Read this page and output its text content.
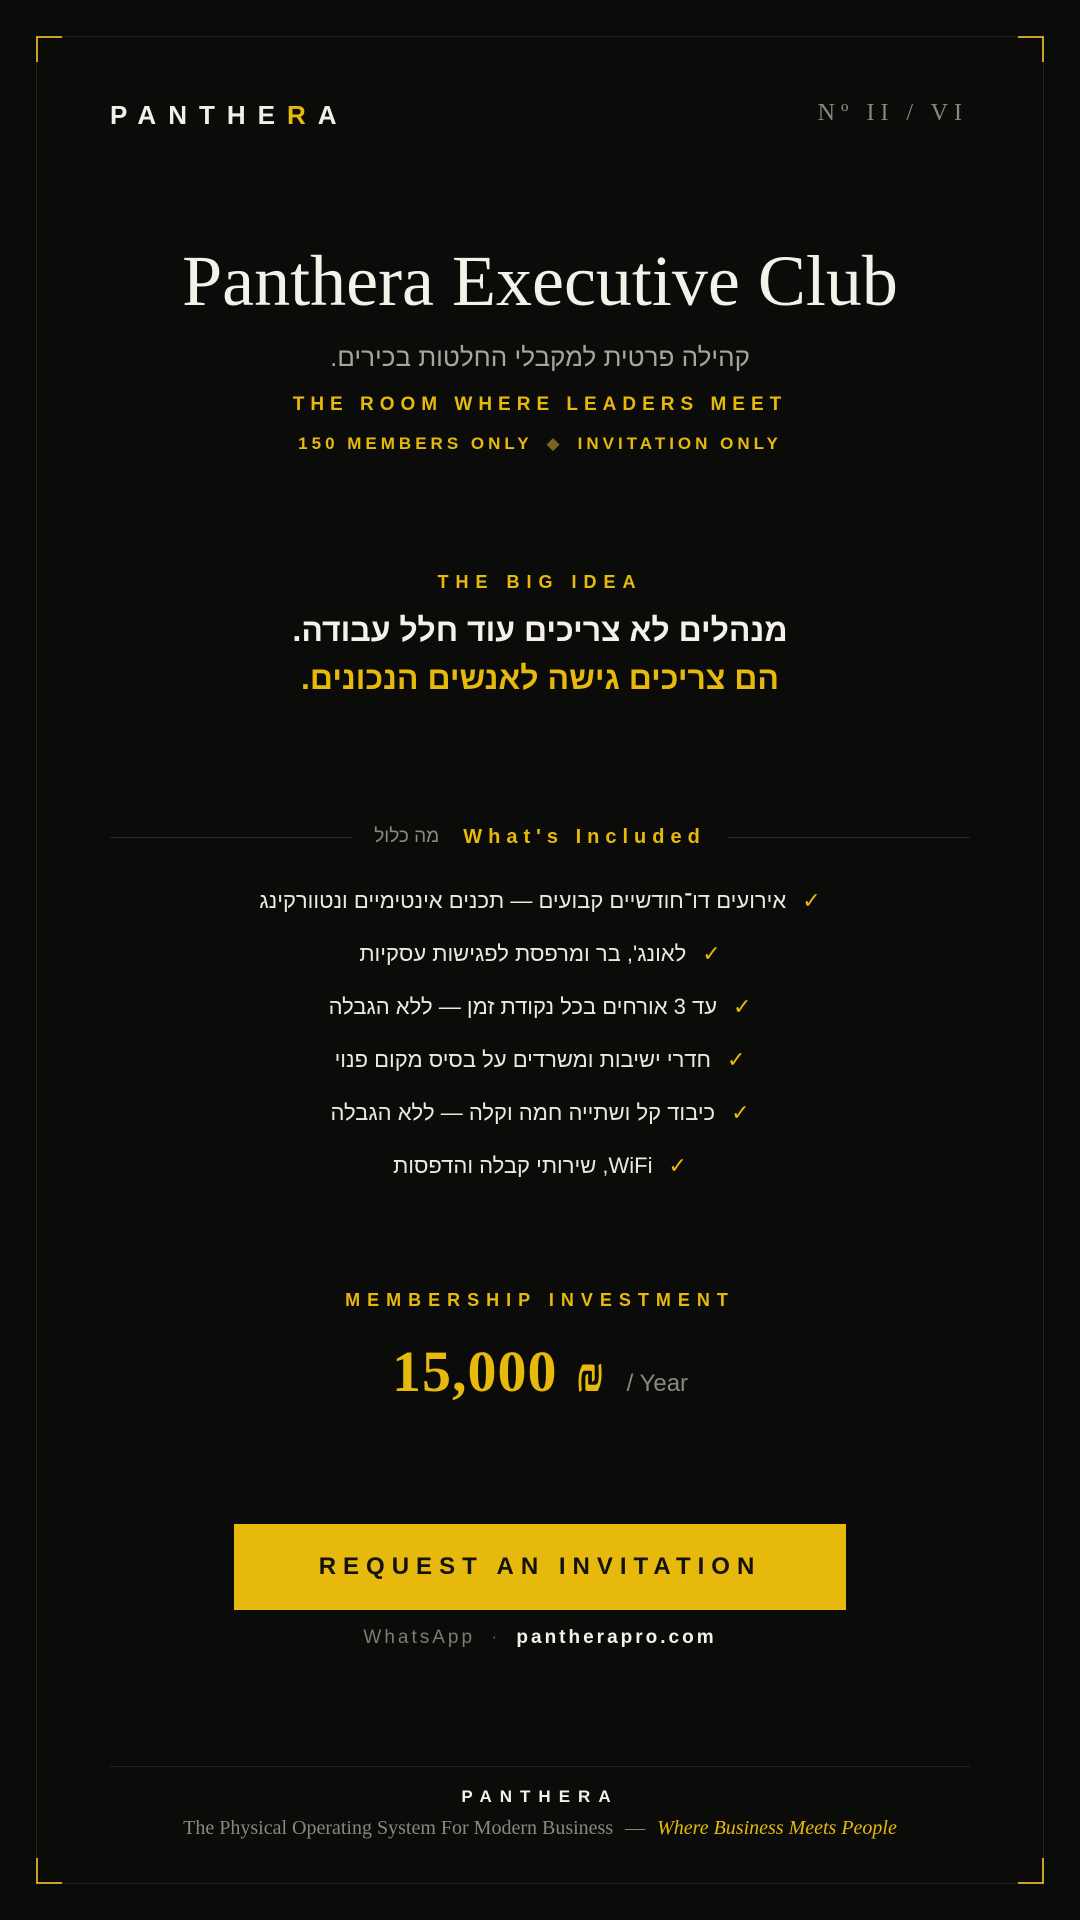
PANTHERA	Nº II / VI
Panthera Executive Club
קהילה פרטית למקבלי החלטות בכירים.
THE ROOM WHERE LEADERS MEET
150 MEMBERS ONLY ◆ INVITATION ONLY
THE BIG IDEA
מנהלים לא צריכים עוד חלל עבודה.
הם צריכים גישה לאנשים הנכונים.
מה כלול What's Included
✓
אירועים דו־חודשיים קבועים — תכנים אינטימיים ונטוורקינג
✓
לאונג', בר ומרפסת לפגישות עסקיות
✓
עד 3 אורחים בכל נקודת זמן — ללא הגבלה
✓
חדרי ישיבות ומשרדים על בסיס מקום פנוי
✓
כיבוד קל ושתייה חמה וקלה — ללא הגבלה
✓
WiFi, שירותי קבלה והדפסות
MEMBERSHIP INVESTMENT
15,000 ₪ / Year
REQUEST AN INVITATION
WhatsApp · pantherapro.com
PANTHERA
The Physical Operating System For Modern Business — Where Business Meets People
